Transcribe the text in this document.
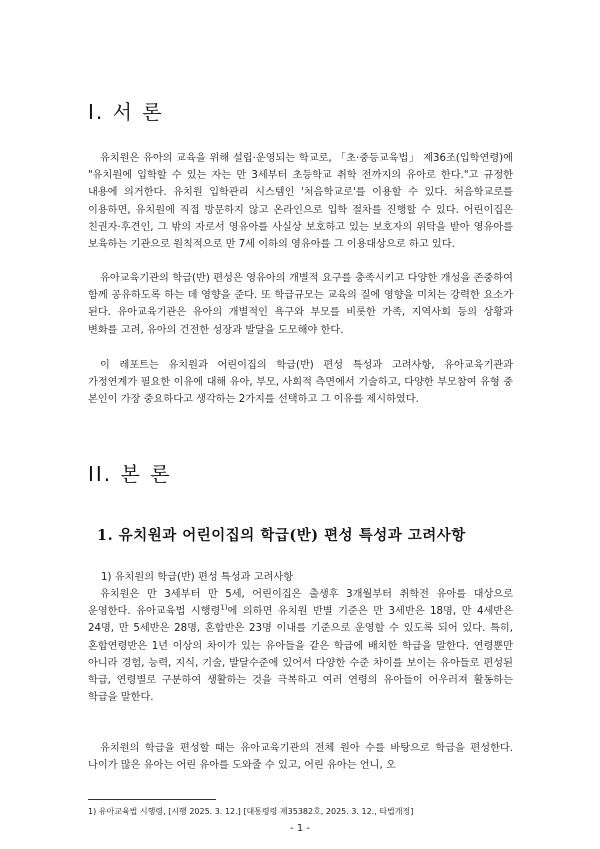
I. 서 론

유치원은 유아의 교육을 위해 설립·운영되는 학교로, 「초·중등교육법」 제36조(입학연령)에 "유치원에 입학할 수 있는 자는 만 3세부터 초등학교 취학 전까지의 유아로 한다."고 규정한 내용에 의거한다. 유치원 입학관리 시스템인 '처음학교로'를 이용할 수 있다. 처음학교로를 이용하면, 유치원에 직접 방문하지 않고 온라인으로 입학 절차를 진행할 수 있다. 어린이집은 친권자·후견인, 그 밖의 자로서 영유아를 사실상 보호하고 있는 보호자의 위탁을 받아 영유아를 보육하는 기관으로 원칙적으로 만 7세 이하의 영유아를 그 이용대상으로 하고 있다.

유아교육기관의 학급(반) 편성은 영유아의 개별적 요구를 충족시키고 다양한 개성을 존중하여 함께 공유하도록 하는 데 영향을 준다. 또 학급규모는 교육의 질에 영향을 미치는 강력한 요소가 된다. 유아교육기관은 유아의 개별적인 욕구와 부모를 비롯한 가족, 지역사회 등의 상황과 변화를 고려, 유아의 건전한 성장과 발달을 도모해야 한다.

이 레포트는 유치원과 어린이집의 학급(반) 편성 특성과 고려사항, 유아교육기관과 가정연계가 필요한 이유에 대해 유아, 부모, 사회적 측면에서 기술하고, 다양한 부모참여 유형 중 본인이 가장 중요하다고 생각하는 2가지를 선택하고 그 이유를 제시하였다.

II. 본 론
1. 유치원과 어린이집의 학급(반) 편성 특성과 고려사항

1) 유치원의 학급(반) 편성 특성과 고려사항

유치원은 만 3세부터 만 5세, 어린이집은 출생후 3개월부터 취학전 유아를 대상으로 운영한다. 유아교육법 시행령$^{1)}$에 의하면 유치원 반별 기준은 만 3세반은 18명, 만 4세반은 24명, 만 5세반은 28명, 혼합반은 23명 이내를 기준으로 운영할 수 있도록 되어 있다. 특히, 혼합연령반은 1년 이상의 차이가 있는 유아들을 같은 학급에 배치한 학급을 말한다. 연령뿐만 아니라 경험, 능력, 지식, 기술, 발달수준에 있어서 다양한 수준 차이를 보이는 유아들로 편성된 학급, 연령별로 구분하여 생활하는 것을 극복하고 여러 연령의 유아들이 어우러져 활동하는 학급을 말한다.

유치원의 학급을 편성할 때는 유아교육기관의 전체 원아 수를 바탕으로 학급을 편성한다. 나이가 많은 유아는 어린 유아를 도와줄 수 있고, 어린 유아는 언니, 오

1) 유아교육법 시행령, [시행 2025. 3. 12.] [대통령령 제35382호, 2025. 3. 12., 타법개정]

- 1 -
